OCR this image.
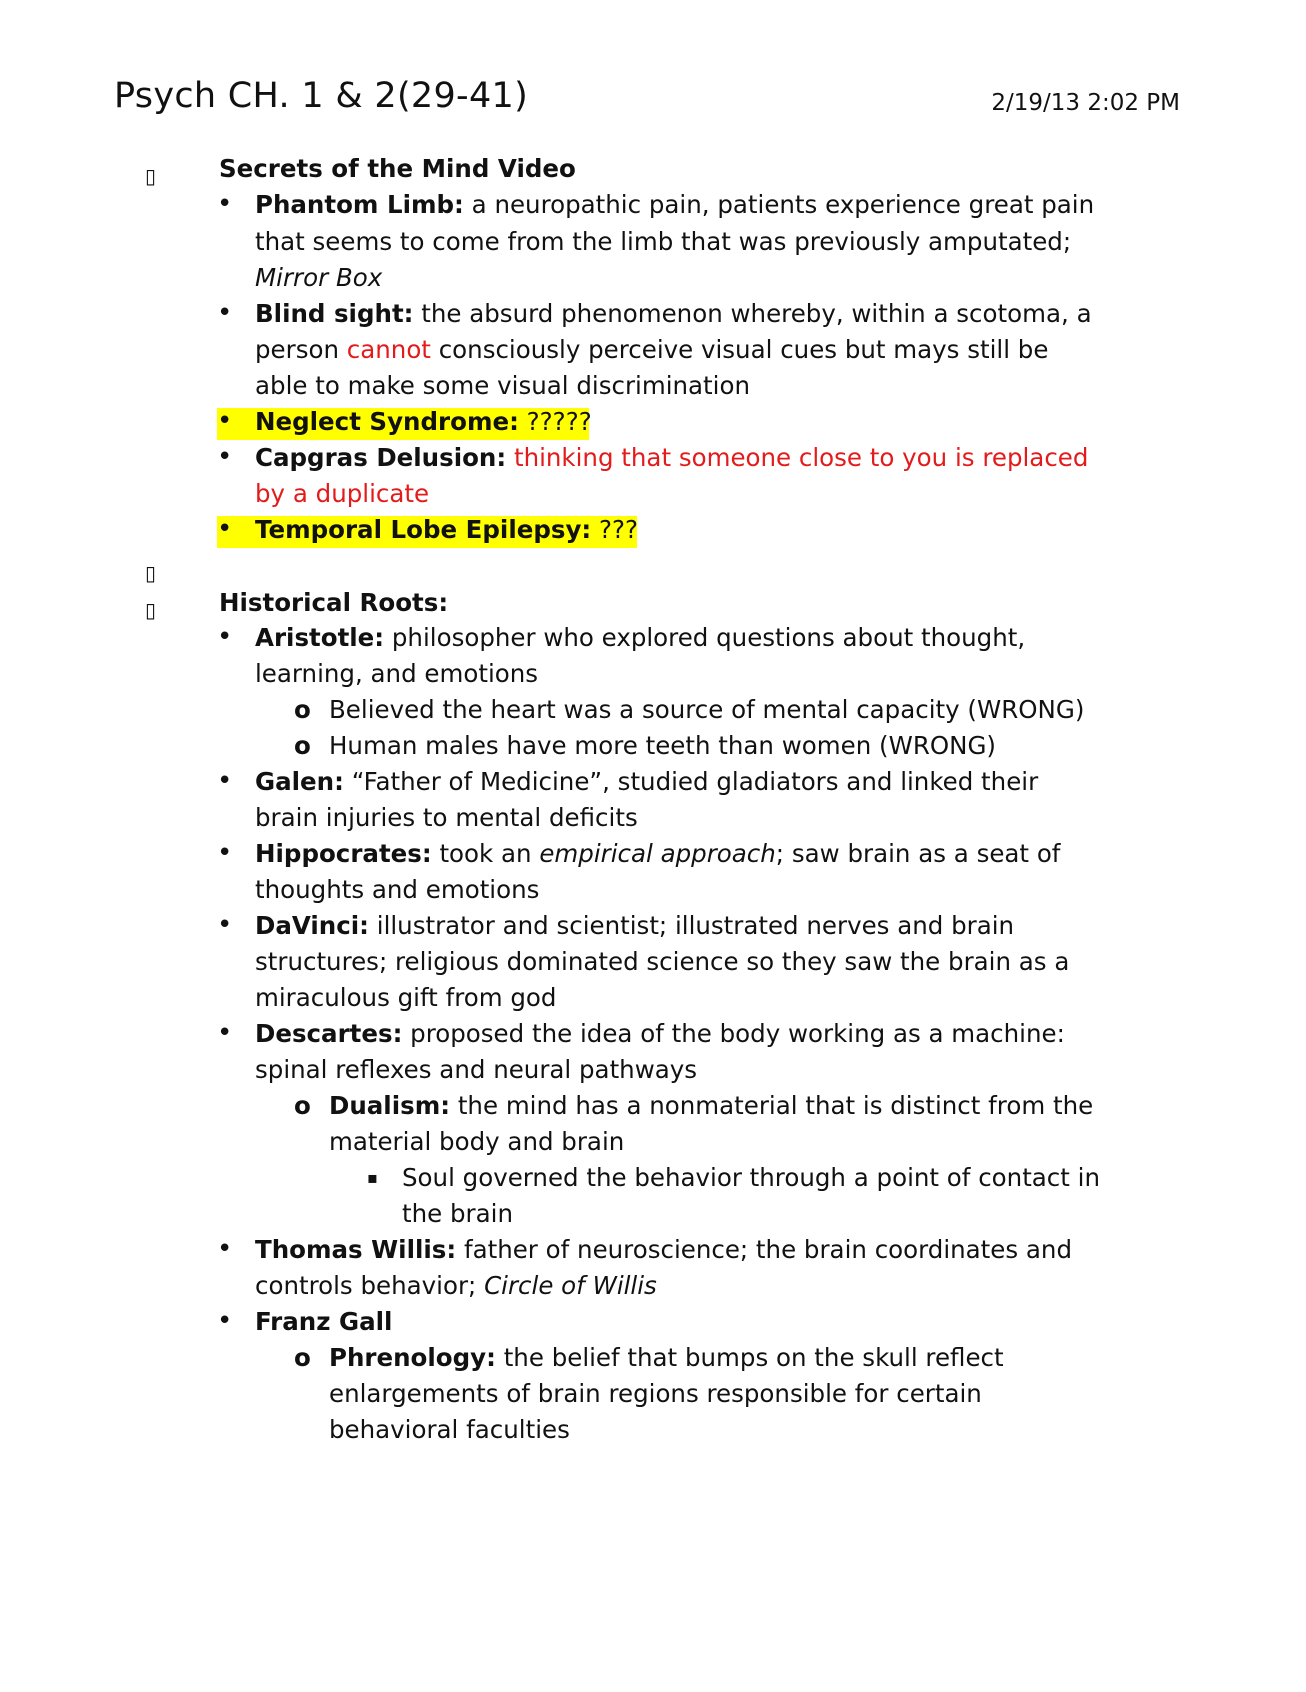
Psych CH. 1 & 2(29-41)	2/19/13 2:02 PM
▯	Secrets of the Mind Video
• Phantom Limb: a neuropathic pain, patients experience great pain
that seems to come from the limb that was previously amputated;
Mirror Box
• Blind sight: the absurd phenomenon whereby, within a scotoma, a
person cannot consciously perceive visual cues but mays still be
able to make some visual discrimination
• Neglect Syndrome: ?????
• Capgras Delusion: thinking that someone close to you is replaced
by a duplicate
• Temporal Lobe Epilepsy: ???
▯
▯	Historical Roots:
• Aristotle: philosopher who explored questions about thought,
learning, and emotions
o Believed the heart was a source of mental capacity (WRONG)
o Human males have more teeth than women (WRONG)
• Galen: “Father of Medicine”, studied gladiators and linked their
brain injuries to mental deficits
• Hippocrates: took an empirical approach; saw brain as a seat of
thoughts and emotions
• DaVinci: illustrator and scientist; illustrated nerves and brain
structures; religious dominated science so they saw the brain as a
miraculous gift from god
• Descartes: proposed the idea of the body working as a machine:
spinal reflexes and neural pathways
o Dualism: the mind has a nonmaterial that is distinct from the
material body and brain
▪ Soul governed the behavior through a point of contact in
the brain
• Thomas Willis: father of neuroscience; the brain coordinates and
controls behavior; Circle of Willis
• Franz Gall
o Phrenology: the belief that bumps on the skull reflect
enlargements of brain regions responsible for certain
behavioral faculties
